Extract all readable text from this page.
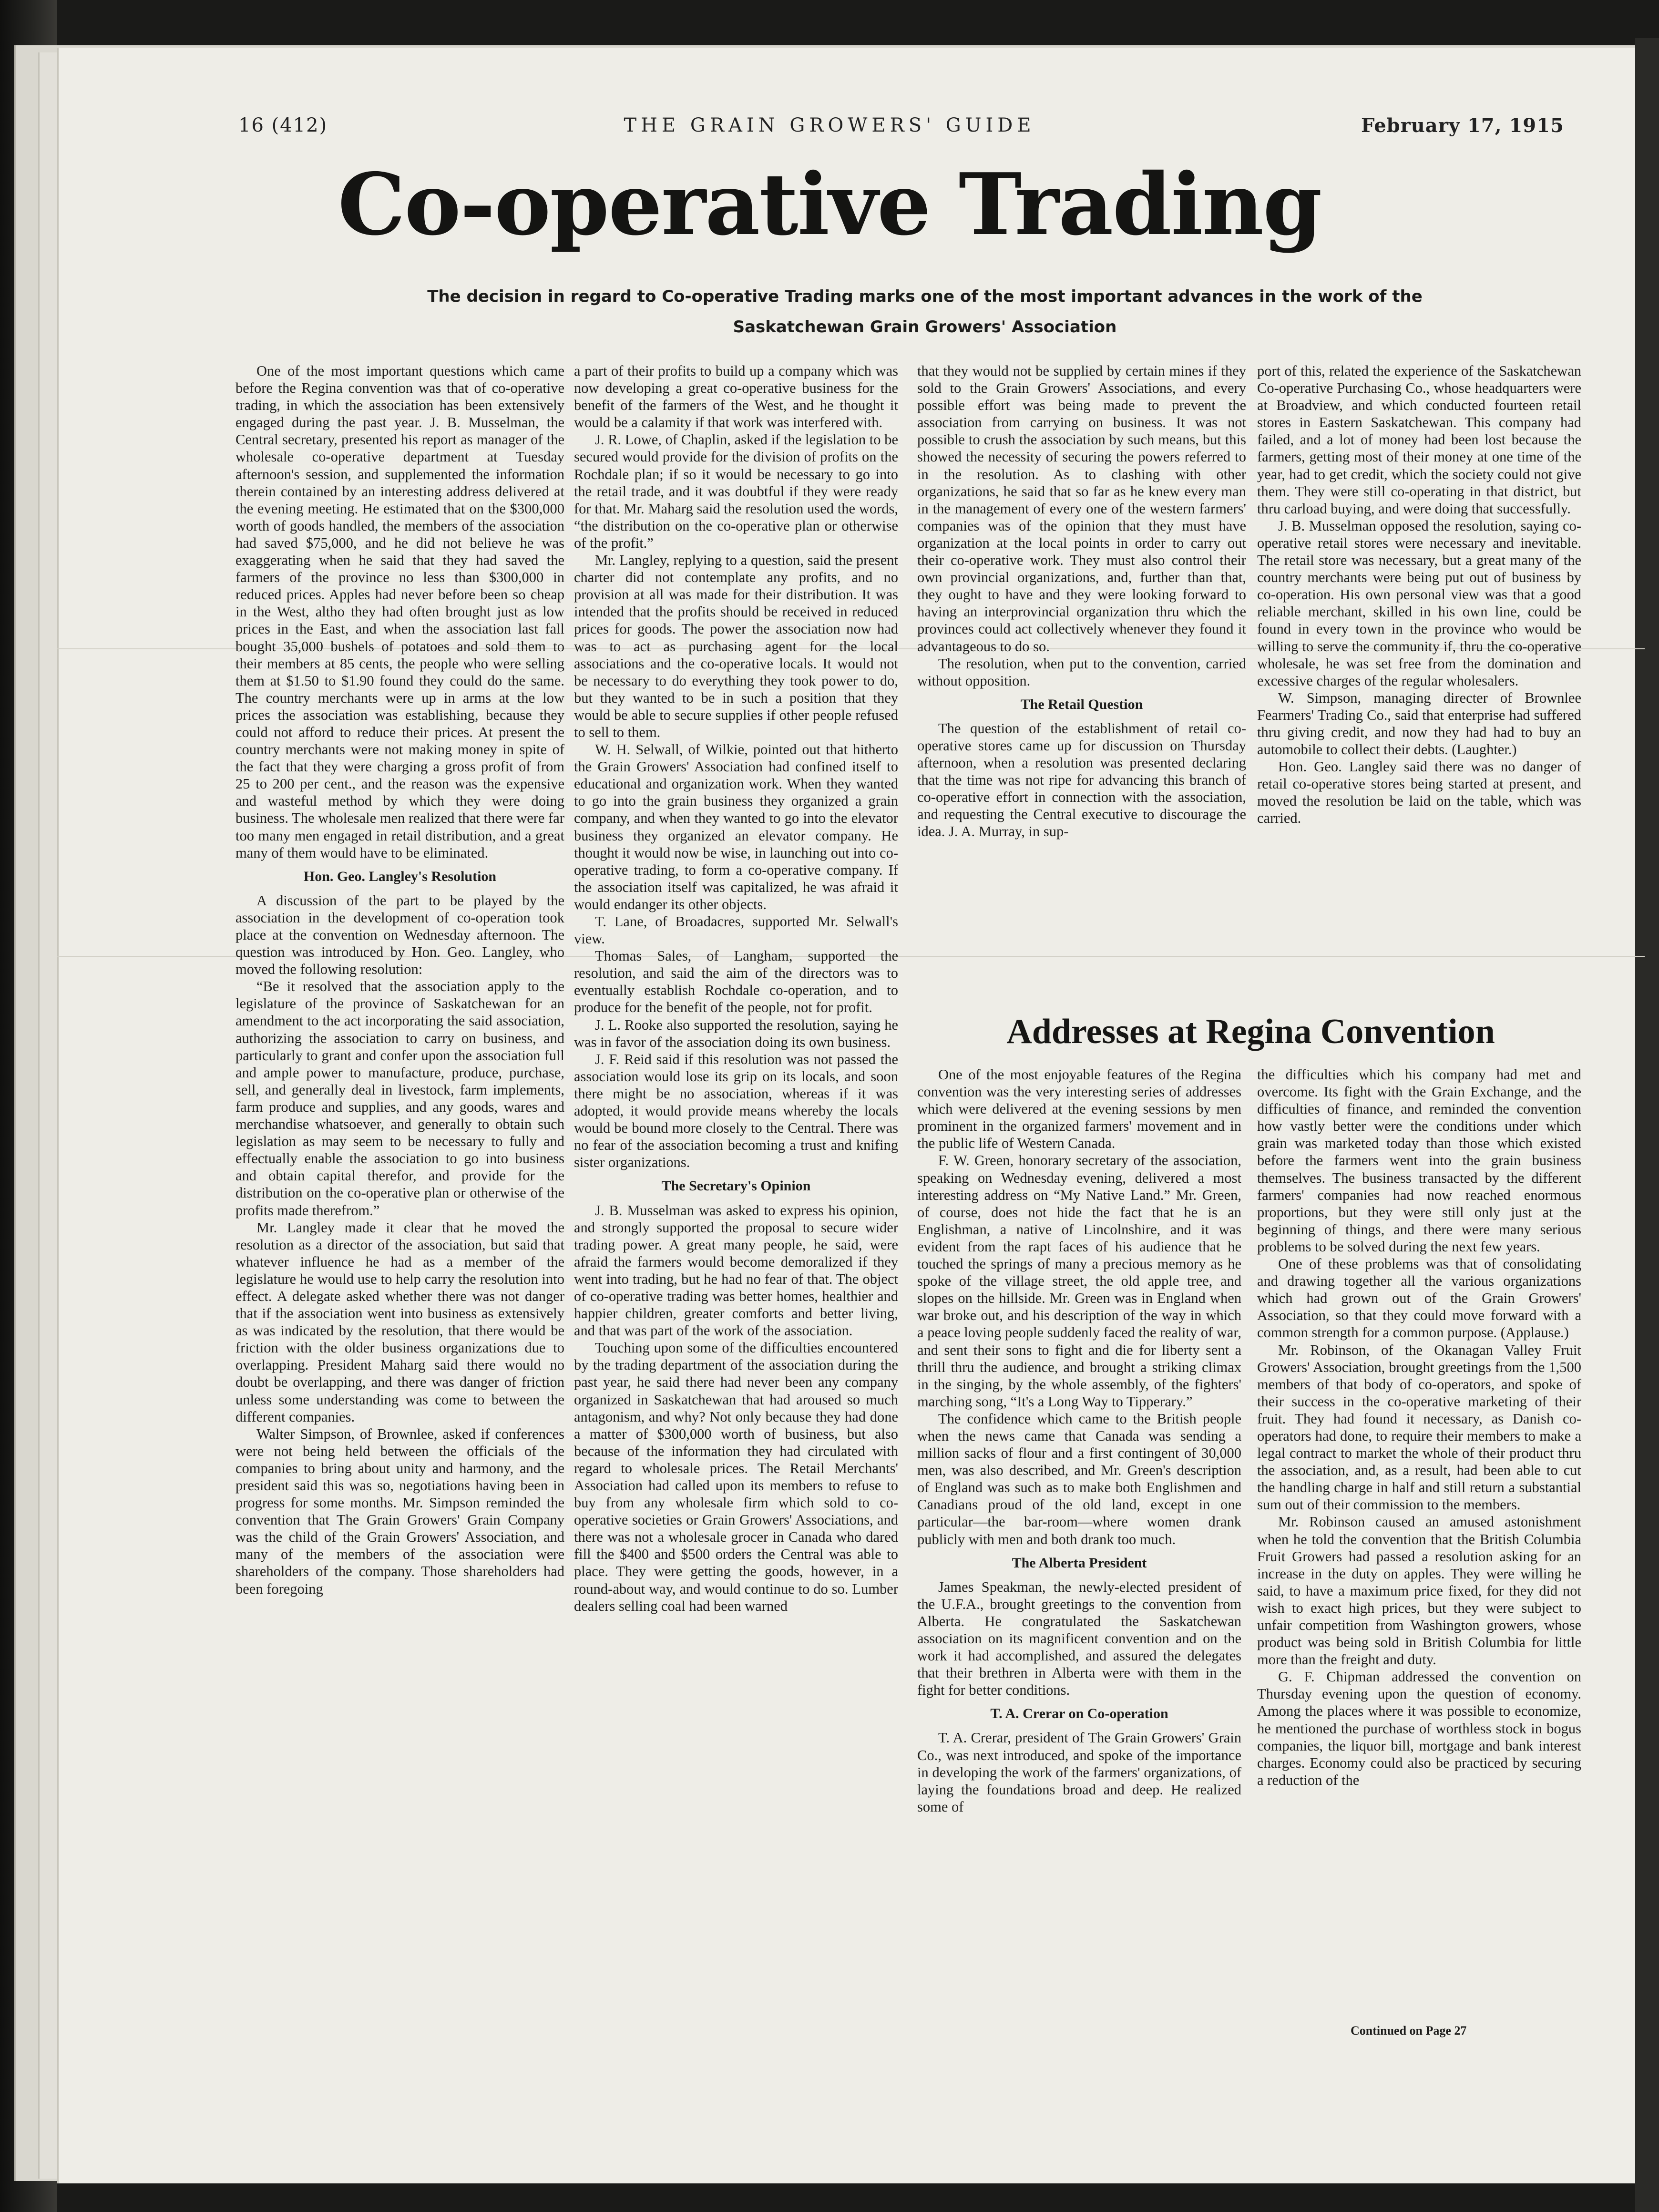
16 (412)	THE GRAIN GROWERS' GUIDE	February 17, 1915
Co-operative Trading
The decision in regard to Co-operative Trading marks one of the most important advances in the work of the Saskatchewan Grain Growers' Association

One of the most important questions which came before the Regina convention was that of co-operative trading, in which the association has been extensively engaged during the past year. J. B. Musselman, the Central secretary, presented his report as manager of the wholesale co-operative department at Tuesday afternoon's session, and supplemented the information therein contained by an interesting address delivered at the evening meeting. He estimated that on the $300,000 worth of goods handled, the members of the association had saved $75,000, and he did not believe he was exaggerating when he said that they had saved the farmers of the province no less than $300,000 in reduced prices. Apples had never before been so cheap in the West, altho they had often brought just as low prices in the East, and when the association last fall bought 35,000 bushels of potatoes and sold them to their members at 85 cents, the people who were selling them at $1.50 to $1.90 found they could do the same. The country merchants were up in arms at the low prices the association was establishing, because they could not afford to reduce their prices. At present the country merchants were not making money in spite of the fact that they were charging a gross profit of from 25 to 200 per cent., and the reason was the expensive and wasteful method by which they were doing business. The wholesale men realized that there were far too many men engaged in retail distribution, and a great many of them would have to be eliminated.

Hon. Geo. Langley's Resolution

A discussion of the part to be played by the association in the development of co-operation took place at the convention on Wednesday afternoon. The question was introduced by Hon. Geo. Langley, who moved the following resolution:

“Be it resolved that the association apply to the legislature of the province of Saskatchewan for an amendment to the act incorporating the said association, authorizing the association to carry on business, and particularly to grant and confer upon the association full and ample power to manufacture, produce, purchase, sell, and generally deal in livestock, farm implements, farm produce and supplies, and any goods, wares and merchandise whatsoever, and generally to obtain such legislation as may seem to be necessary to fully and effectually enable the association to go into business and obtain capital therefor, and provide for the distribution on the co-operative plan or otherwise of the profits made therefrom.”

Mr. Langley made it clear that he moved the resolution as a director of the association, but said that whatever influence he had as a member of the legislature he would use to help carry the resolution into effect. A delegate asked whether there was not danger that if the association went into business as extensively as was indicated by the resolution, that there would be friction with the older business organizations due to overlapping. President Maharg said there would no doubt be overlapping, and there was danger of friction unless some understanding was come to between the different companies.

Walter Simpson, of Brownlee, asked if conferences were not being held between the officials of the companies to bring about unity and harmony, and the president said this was so, negotiations having been in progress for some months. Mr. Simpson reminded the convention that The Grain Growers' Grain Company was the child of the Grain Growers' Association, and many of the members of the association were shareholders of the company. Those shareholders had been foregoing

a part of their profits to build up a company which was now developing a great co-operative business for the benefit of the farmers of the West, and he thought it would be a calamity if that work was interfered with.

J. R. Lowe, of Chaplin, asked if the legislation to be secured would provide for the division of profits on the Rochdale plan; if so it would be necessary to go into the retail trade, and it was doubtful if they were ready for that. Mr. Maharg said the resolution used the words, “the distribution on the co-operative plan or otherwise of the profit.”

Mr. Langley, replying to a question, said the present charter did not contemplate any profits, and no provision at all was made for their distribution. It was intended that the profits should be received in reduced prices for goods. The power the association now had was to act as purchasing agent for the local associations and the co-operative locals. It would not be necessary to do everything they took power to do, but they wanted to be in such a position that they would be able to secure supplies if other people refused to sell to them.

W. H. Selwall, of Wilkie, pointed out that hitherto the Grain Growers' Association had confined itself to educational and organization work. When they wanted to go into the grain business they organized a grain company, and when they wanted to go into the elevator business they organized an elevator company. He thought it would now be wise, in launching out into co-operative trading, to form a co-operative company. If the association itself was capitalized, he was afraid it would endanger its other objects.

T. Lane, of Broadacres, supported Mr. Selwall's view.

Thomas Sales, of Langham, supported the resolution, and said the aim of the directors was to eventually establish Rochdale co-operation, and to produce for the benefit of the people, not for profit.

J. L. Rooke also supported the resolution, saying he was in favor of the association doing its own business.

J. F. Reid said if this resolution was not passed the association would lose its grip on its locals, and soon there might be no association, whereas if it was adopted, it would provide means whereby the locals would be bound more closely to the Central. There was no fear of the association becoming a trust and knifing sister organizations.

The Secretary's Opinion

J. B. Musselman was asked to express his opinion, and strongly supported the proposal to secure wider trading power. A great many people, he said, were afraid the farmers would become demoralized if they went into trading, but he had no fear of that. The object of co-operative trading was better homes, healthier and happier children, greater comforts and better living, and that was part of the work of the association.

Touching upon some of the difficulties encountered by the trading department of the association during the past year, he said there had never been any company organized in Saskatchewan that had aroused so much antagonism, and why? Not only because they had done a matter of $300,000 worth of business, but also because of the information they had circulated with regard to wholesale prices. The Retail Merchants' Association had called upon its members to refuse to buy from any wholesale firm which sold to co-operative societies or Grain Growers' Associations, and there was not a wholesale grocer in Canada who dared fill the $400 and $500 orders the Central was able to place. They were getting the goods, however, in a round-about way, and would continue to do so. Lumber dealers selling coal had been warned

that they would not be supplied by certain mines if they sold to the Grain Growers' Associations, and every possible effort was being made to prevent the association from carrying on business. It was not possible to crush the association by such means, but this showed the necessity of securing the powers referred to in the resolution. As to clashing with other organizations, he said that so far as he knew every man in the management of every one of the western farmers' companies was of the opinion that they must have organization at the local points in order to carry out their co-operative work. They must also control their own provincial organizations, and, further than that, they ought to have and they were looking forward to having an interprovincial organization thru which the provinces could act collectively whenever they found it advantageous to do so.

The resolution, when put to the convention, carried without opposition.

The Retail Question

The question of the establishment of retail co-operative stores came up for discussion on Thursday afternoon, when a resolution was presented declaring that the time was not ripe for advancing this branch of co-operative effort in connection with the association, and requesting the Central executive to discourage the idea. J. A. Murray, in sup-

port of this, related the experience of the Saskatchewan Co-operative Purchasing Co., whose headquarters were at Broadview, and which conducted fourteen retail stores in Eastern Saskatchewan. This company had failed, and a lot of money had been lost because the farmers, getting most of their money at one time of the year, had to get credit, which the society could not give them. They were still co-operating in that district, but thru carload buying, and were doing that successfully.

J. B. Musselman opposed the resolution, saying co-operative retail stores were necessary and inevitable. The retail store was necessary, but a great many of the country merchants were being put out of business by co-operation. His own personal view was that a good reliable merchant, skilled in his own line, could be found in every town in the province who would be willing to serve the community if, thru the co-operative wholesale, he was set free from the domination and excessive charges of the regular wholesalers.

W. Simpson, managing directer of Brownlee Fearmers' Trading Co., said that enterprise had suffered thru giving credit, and now they had had to buy an automobile to collect their debts. (Laughter.)

Hon. Geo. Langley said there was no danger of retail co-operative stores being started at present, and moved the resolution be laid on the table, which was carried.

Addresses at Regina Convention

One of the most enjoyable features of the Regina convention was the very interesting series of addresses which were delivered at the evening sessions by men prominent in the organized farmers' movement and in the public life of Western Canada.

F. W. Green, honorary secretary of the association, speaking on Wednesday evening, delivered a most interesting address on “My Native Land.” Mr. Green, of course, does not hide the fact that he is an Englishman, a native of Lincolnshire, and it was evident from the rapt faces of his audience that he touched the springs of many a precious memory as he spoke of the village street, the old apple tree, and slopes on the hillside. Mr. Green was in England when war broke out, and his description of the way in which a peace loving people suddenly faced the reality of war, and sent their sons to fight and die for liberty sent a thrill thru the audience, and brought a striking climax in the singing, by the whole assembly, of the fighters' marching song, “It's a Long Way to Tipperary.”

The confidence which came to the British people when the news came that Canada was sending a million sacks of flour and a first contingent of 30,000 men, was also described, and Mr. Green's description of England was such as to make both Englishmen and Canadians proud of the old land, except in one particular—the bar-room—where women drank publicly with men and both drank too much.

The Alberta President

James Speakman, the newly-elected president of the U.F.A., brought greetings to the convention from Alberta. He congratulated the Saskatchewan association on its magnificent convention and on the work it had accomplished, and assured the delegates that their brethren in Alberta were with them in the fight for better conditions.

T. A. Crerar on Co-operation

T. A. Crerar, president of The Grain Growers' Grain Co., was next introduced, and spoke of the importance in developing the work of the farmers' organizations, of laying the foundations broad and deep. He realized some of

the difficulties which his company had met and overcome. Its fight with the Grain Exchange, and the difficulties of finance, and reminded the convention how vastly better were the conditions under which grain was marketed today than those which existed before the farmers went into the grain business themselves. The business transacted by the different farmers' companies had now reached enormous proportions, but they were still only just at the beginning of things, and there were many serious problems to be solved during the next few years.

One of these problems was that of consolidating and drawing together all the various organizations which had grown out of the Grain Growers' Association, so that they could move forward with a common strength for a common purpose. (Applause.)

Mr. Robinson, of the Okanagan Valley Fruit Growers' Association, brought greetings from the 1,500 members of that body of co-operators, and spoke of their success in the co-operative marketing of their fruit. They had found it necessary, as Danish co-operators had done, to require their members to make a legal contract to market the whole of their product thru the association, and, as a result, had been able to cut the handling charge in half and still return a substantial sum out of their commission to the members.

Mr. Robinson caused an amused astonishment when he told the convention that the British Columbia Fruit Growers had passed a resolution asking for an increase in the duty on apples. They were willing he said, to have a maximum price fixed, for they did not wish to exact high prices, but they were subject to unfair competition from Washington growers, whose product was being sold in British Columbia for little more than the freight and duty.

G. F. Chipman addressed the convention on Thursday evening upon the question of economy. Among the places where it was possible to economize, he mentioned the purchase of worthless stock in bogus companies, the liquor bill, mortgage and bank interest charges. Economy could also be practiced by securing a reduction of the

Continued on Page 27
